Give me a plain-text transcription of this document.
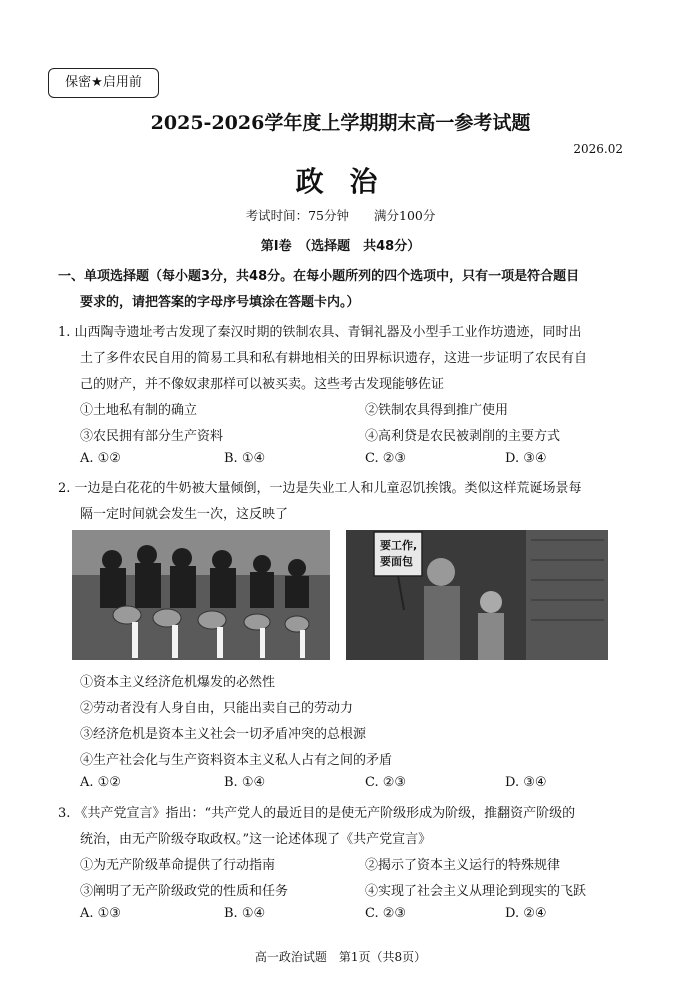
保密★启用前
2025-2026学年度上学期期末高一参考试题
2026.02
政 治
考试时间：75分钟　　满分100分
第Ⅰ卷　（选择题　共48分）
一、单项选择题（每小题3分，共48分。在每小题所列的四个选项中，只有一项是符合题目
要求的，请把答案的字母序号填涂在答题卡内。）
1. 山西陶寺遗址考古发现了秦汉时期的铁制农具、青铜礼器及小型手工业作坊遗迹，同时出
土了多件农民自用的简易工具和私有耕地相关的田界标识遗存，这进一步证明了农民有自
己的财产，并不像奴隶那样可以被买卖。这些考古发现能够佐证
①土地私有制的确立	②铁制农具得到推广使用
③农民拥有部分生产资料	④高利贷是农民被剥削的主要方式
A. ①②	B. ①④	C. ②③	D. ③④
2. 一边是白花花的牛奶被大量倾倒，一边是失业工人和儿童忍饥挨饿。类似这样荒诞场景每
隔一定时间就会发生一次，这反映了
要工作,
要面包
①资本主义经济危机爆发的必然性
②劳动者没有人身自由，只能出卖自己的劳动力
③经济危机是资本主义社会一切矛盾冲突的总根源
④生产社会化与生产资料资本主义私人占有之间的矛盾
A. ①②	B. ①④	C. ②③	D. ③④
3. 《共产党宣言》指出：“共产党人的最近目的是使无产阶级形成为阶级，推翻资产阶级的
统治，由无产阶级夺取政权。”这一论述体现了《共产党宣言》
①为无产阶级革命提供了行动指南	②揭示了资本主义运行的特殊规律
③阐明了无产阶级政党的性质和任务	④实现了社会主义从理论到现实的飞跃
A. ①③	B. ①④	C. ②③	D. ②④
高一政治试题　第1页（共8页）
